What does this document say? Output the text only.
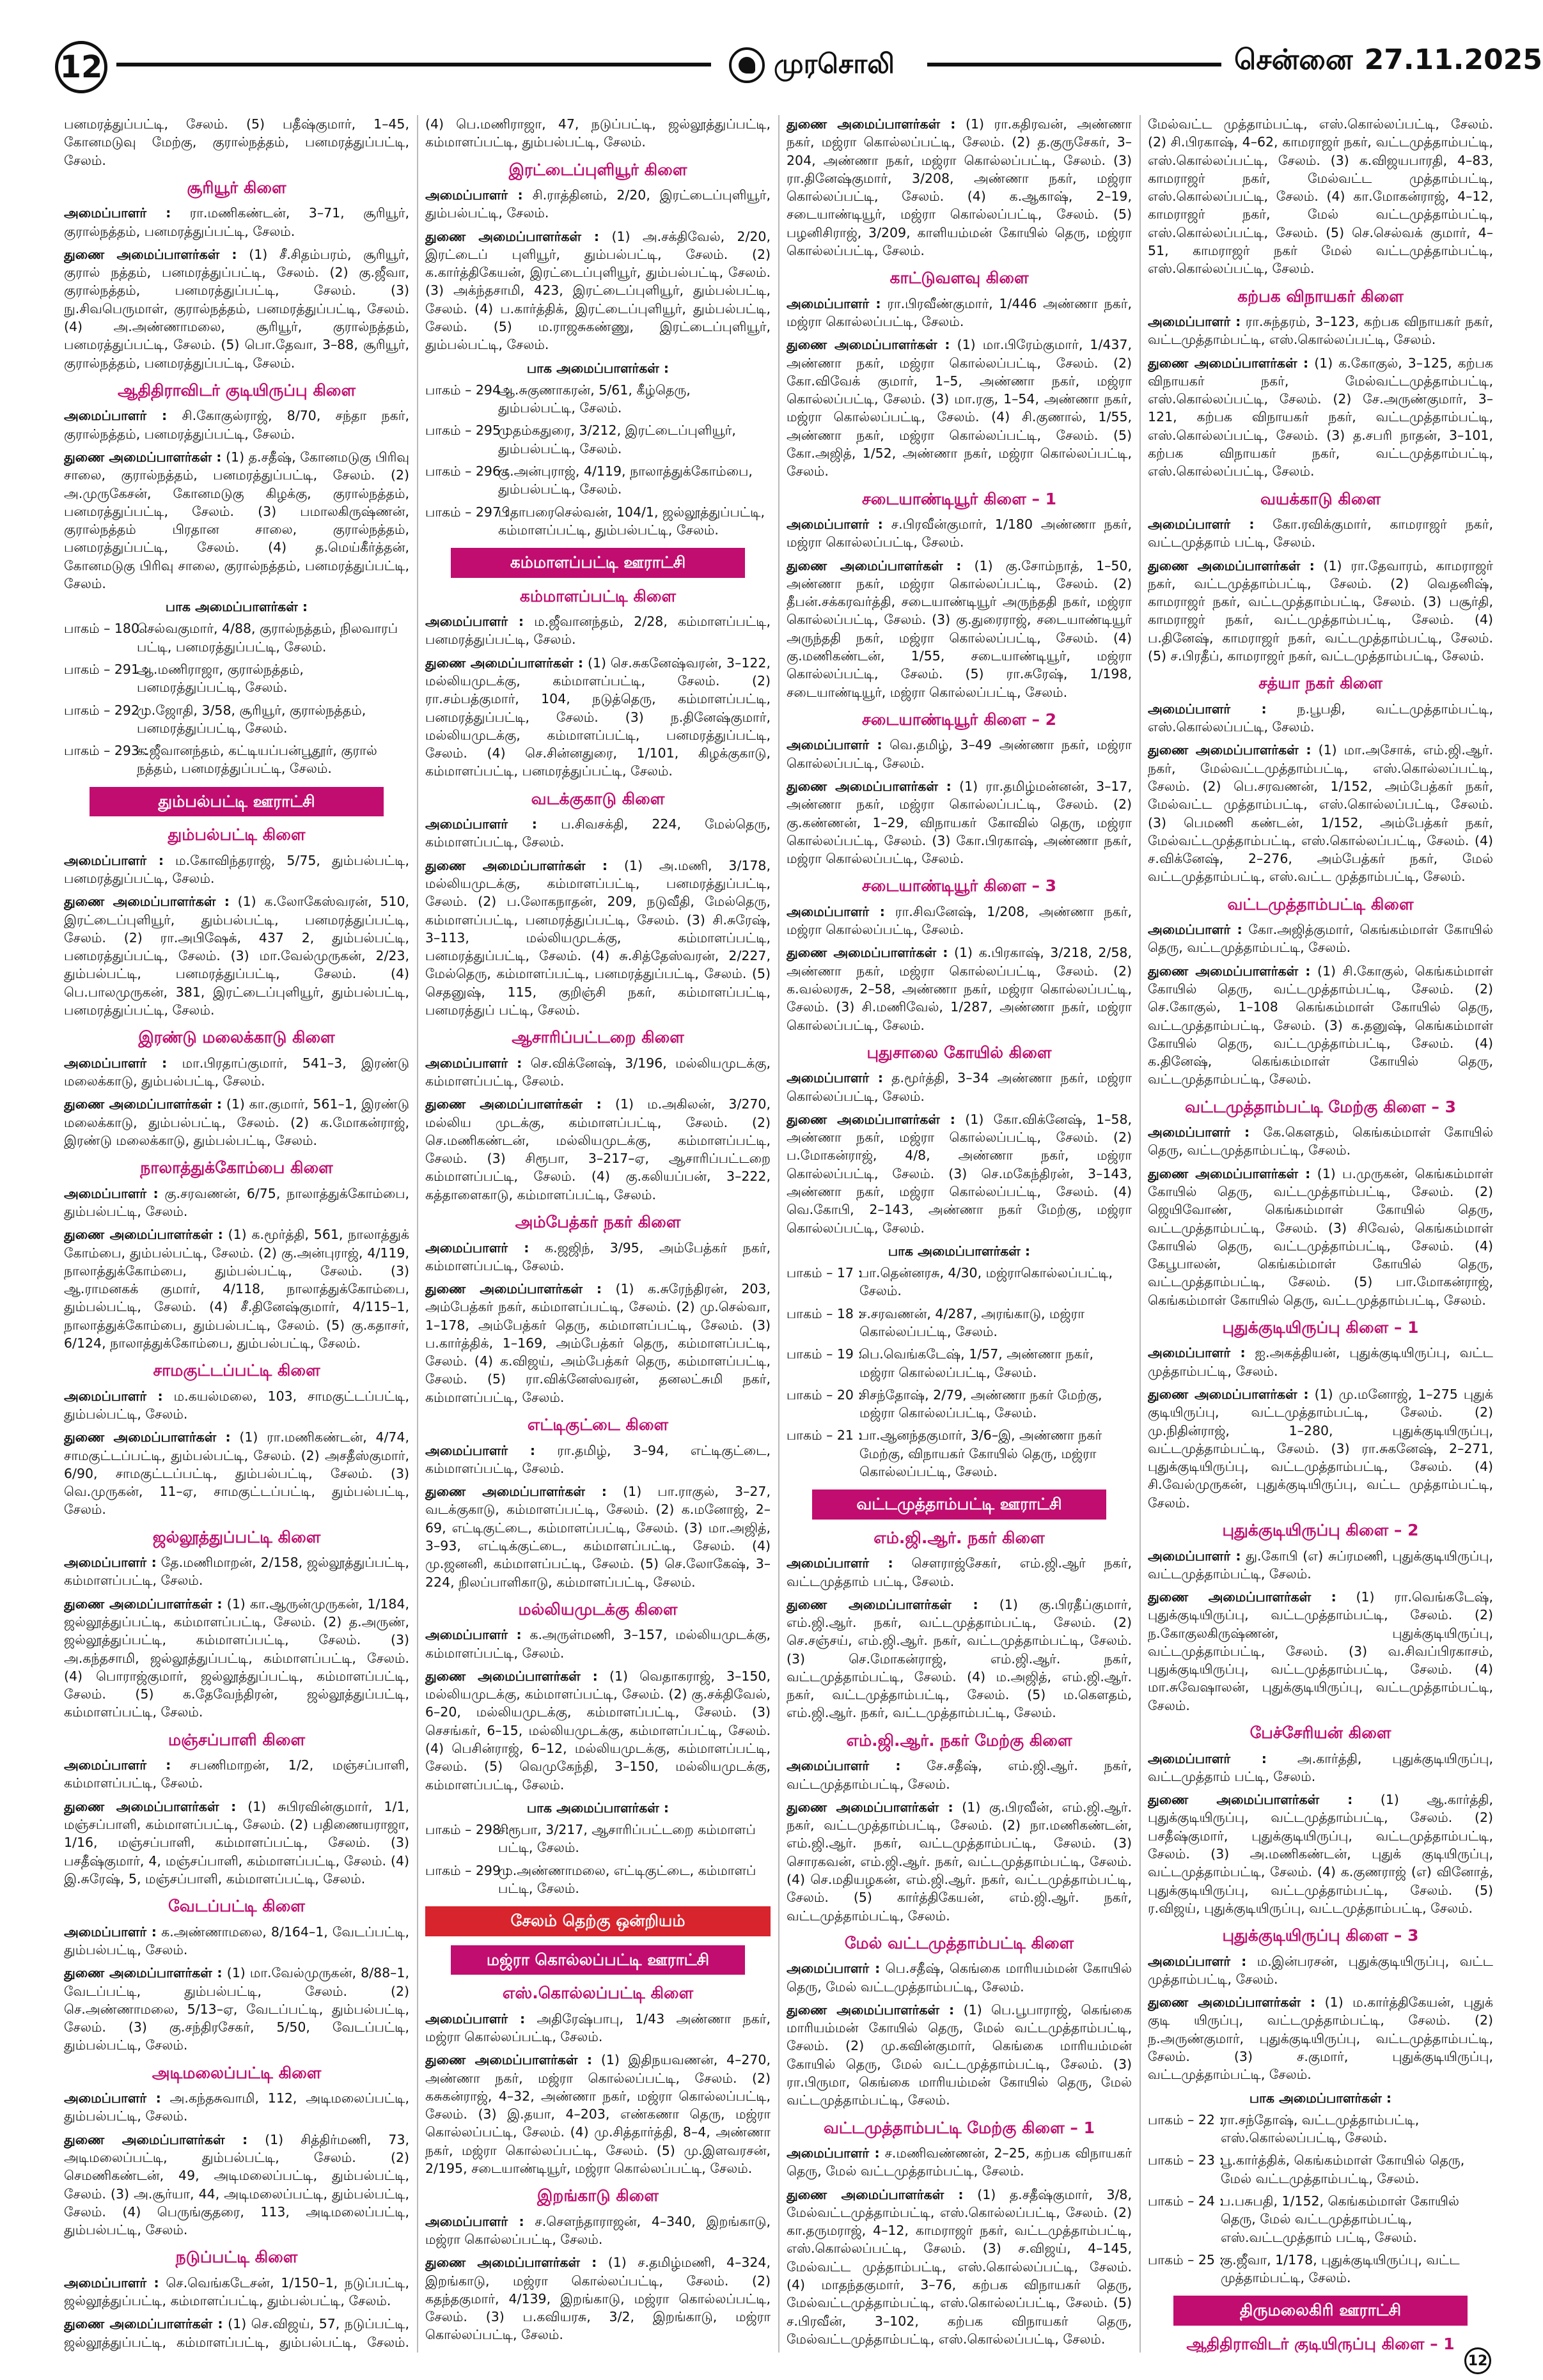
12	முரசொலி	சென்னை 27.11.2025

பனமரத்துப்பட்டி, சேலம். (5) பதீஷ்குமார், 1–45, கோனமடுவு மேற்கு, குரால்நத்தம், பனமரத்துப்பட்டி, சேலம்.

சூரியூர் கிளை

அமைப்பாளர் : ரா.மணிகண்டன், 3–71, சூரியூர், குரால்நத்தம், பனமரத்துப்பட்டி, சேலம்.

துணை அமைப்பாளர்கள் : (1) சீ.சிதம்பரம், சூரியூர், குரால் நத்தம், பனமரத்துப்பட்டி, சேலம். (2) கு.ஜீவா, குரால்நத்தம், பனமரத்துப்பட்டி, சேலம். (3) நு.சிவபெருமாள், குரால்நத்தம், பனமரத்துப்பட்டி, சேலம். (4) அ.அண்ணாமலை, சூரியூர், குரால்நத்தம், பனமரத்துப்பட்டி, சேலம். (5) பொ.தேவா, 3–88, சூரியூர், குரால்நத்தம், பனமரத்துப்பட்டி, சேலம்.

ஆதிதிராவிடர் குடியிருப்பு கிளை

அமைப்பாளர் : சி.கோகுல்ராஜ், 8/70, சந்தா நகர், குரால்நத்தம், பனமரத்துப்பட்டி, சேலம்.

துணை அமைப்பாளர்கள் : (1) த.சதீஷ், கோனமடுகு பிரிவு சாலை, குரால்நத்தம், பனமரத்துப்பட்டி, சேலம். (2) அ.முருகேசன், கோனமடுகு கிழக்கு, குரால்நத்தம், பனமரத்துப்பட்டி, சேலம். (3) பமாலகிருஷ்ணன், குரால்நத்தம் பிரதான சாலை, குரால்நத்தம், பனமரத்துப்பட்டி, சேலம். (4) த.மெய்கீர்த்தன், கோனமடுகு பிரிவு சாலை, குரால்நத்தம், பனமரத்துப்பட்டி, சேலம்.

பாக அமைப்பாளர்கள் :
பாகம் – 180 :
செல்வகுமார், 4/88, குரால்நத்தம், நிலவாரப் பட்டி, பனமரத்துப்பட்டி, சேலம்.
பாகம் – 291 :
ஆ.மணிராஜா, குரால்நத்தம், பனமரத்துப்பட்டி, சேலம்.
பாகம் – 292 :
மு.ஜோதி, 3/58, சூரியூர், குரால்நத்தம், பனமரத்துப்பட்டி, சேலம்.
பாகம் – 293 :
க.ஜீவானந்தம், கட்டியப்பன்பூதூர், குரால் நத்தம், பனமரத்துப்பட்டி, சேலம்.
தும்பல்பட்டி ஊராட்சி
தும்பல்பட்டி கிளை

அமைப்பாளர் : ம.கோவிந்தராஜ், 5/75, தும்பல்பட்டி, பனமரத்துப்பட்டி, சேலம்.

துணை அமைப்பாளர்கள் : (1) க.லோகேஸ்வரன், 510, இரட்டைப்புளியூர், தும்பல்பட்டி, பனமரத்துப்பட்டி, சேலம். (2) ரா.அபிஷேக், 437 2, தும்பல்பட்டி, பனமரத்துப்பட்டி, சேலம். (3) மா.வேல்முருகன், 2/23, தும்பல்பட்டி, பனமரத்துப்பட்டி, சேலம். (4) பெ.பாலமுருகன், 381, இரட்டைப்புளியூர், தும்பல்பட்டி, பனமரத்துப்பட்டி, சேலம்.

இரண்டு மலைக்காடு கிளை

அமைப்பாளர் : மா.பிரதாப்குமார், 541–3, இரண்டு மலைக்காடு, தும்பல்பட்டி, சேலம்.

துணை அமைப்பாளர்கள் : (1) கா.குமார், 561–1, இரண்டு மலைக்காடு, தும்பல்பட்டி, சேலம். (2) க.மோகன்ராஜ், இரண்டு மலைக்காடு, தும்பல்பட்டி, சேலம்.

நாலாத்துக்கோம்பை கிளை

அமைப்பாளர் : கு.சரவணன், 6/75, நாலாத்துக்கோம்பை, தும்பல்பட்டி, சேலம்.

துணை அமைப்பாளர்கள் : (1) க.மூர்த்தி, 561, நாலாத்துக் கோம்பை, தும்பல்பட்டி, சேலம். (2) கு.அன்புராஜ், 4/119, நாலாத்துக்கோம்பை, தும்பல்பட்டி, சேலம். (3) ஆ.ராமனகக் குமார், 4/118, நாலாத்துக்கோம்பை, தும்பல்பட்டி, சேலம். (4) சீ.தினேஷ்குமார், 4/115–1, நாலாத்துக்கோம்பை, தும்பல்பட்டி, சேலம். (5) கு.கதாசர், 6/124, நாலாத்துக்கோம்பை, தும்பல்பட்டி, சேலம்.

சாமகுட்டப்பட்டி கிளை

அமைப்பாளர் : ம.கயல்மலை, 103, சாமகுட்டப்பட்டி, தும்பல்பட்டி, சேலம்.

துணை அமைப்பாளர்கள் : (1) ரா.மணிகண்டன், 4/74, சாமகுட்டப்பட்டி, தும்பல்பட்டி, சேலம். (2) அசதீஸ்குமார், 6/90, சாமகுட்டப்பட்டி, தும்பல்பட்டி, சேலம். (3) வெ.முருகன், 11–ஏ, சாமகுட்டப்பட்டி, தும்பல்பட்டி, சேலம்.

ஜல்லூத்துப்பட்டி கிளை

அமைப்பாளர் : தே.மணிமாறன், 2/158, ஜல்லூத்துப்பட்டி, கம்மாளப்பட்டி, சேலம்.

துணை அமைப்பாளர்கள் : (1) கா.ஆருன்முருகன், 1/184, ஜல்லூத்துப்பட்டி, கம்மாளப்பட்டி, சேலம். (2) த.அருண், ஜல்லூத்துப்பட்டி, கம்மாளப்பட்டி, சேலம். (3) அ.கந்தசாமி, ஜல்லூத்துப்பட்டி, கம்மாளப்பட்டி, சேலம். (4) பொராஜ்குமார், ஜல்லூத்துப்பட்டி, கம்மாளப்பட்டி, சேலம். (5) க.தேவேந்திரன், ஜல்லூத்துப்பட்டி, கம்மாளப்பட்டி, சேலம்.

மஞ்சப்பாளி கிளை

அமைப்பாளர் : சபணிமாறன், 1/2, மஞ்சப்பாளி, கம்மாளப்பட்டி, சேலம்.

துணை அமைப்பாளர்கள் : (1) சுபிரவின்குமார், 1/1, மஞ்சப்பாளி, கம்மாளப்பட்டி, சேலம். (2) பதிணையராஜா, 1/16, மஞ்சப்பாளி, கம்மாளப்பட்டி, சேலம். (3) பசதீஷ்குமார், 4, மஞ்சப்பாளி, கம்மாளப்பட்டி, சேலம். (4) இ.சுரேஷ், 5, மஞ்சப்பாளி, கம்மாளப்பட்டி, சேலம்.

வேடப்பட்டி கிளை

அமைப்பாளர் : க.அண்ணாமலை, 8/164–1, வேடப்பட்டி, தும்பல்பட்டி, சேலம்.

துணை அமைப்பாளர்கள் : (1) மா.வேல்முருகன், 8/88–1, வேடப்பட்டி, தும்பல்பட்டி, சேலம். (2) செ.அண்ணாமலை, 5/13–ஏ, வேடப்பட்டி, தும்பல்பட்டி, சேலம். (3) கு.சந்திரசேகர், 5/50, வேடப்பட்டி, தும்பல்பட்டி, சேலம்.

அடிமலைப்பட்டி கிளை

அமைப்பாளர் : அ.கந்தசுவாமி, 112, அடிமலைப்பட்டி, தும்பல்பட்டி, சேலம்.

துணை அமைப்பாளர்கள் : (1) சித்திர்மணி, 73, அடிமலைப்பட்டி, தும்பல்பட்டி, சேலம். (2) செமணிகண்டன், 49, அடிமலைப்பட்டி, தும்பல்பட்டி, சேலம். (3) அ.சூர்யா, 44, அடிமலைப்பட்டி, தும்பல்பட்டி, சேலம். (4) பெருங்குதரை, 113, அடிமலைப்பட்டி, தும்பல்பட்டி, சேலம்.

நடுப்பட்டி கிளை

அமைப்பாளர் : செ.வெங்கடேசன், 1/150–1, நடுப்பட்டி, ஜல்லூத்துப்பட்டி, கம்மாளப்பட்டி, தும்பல்பட்டி, சேலம்.

துணை அமைப்பாளர்கள் : (1) செ.விஜய், 57, நடுப்பட்டி, ஜல்லூத்துப்பட்டி, கம்மாளப்பட்டி, தும்பல்பட்டி, சேலம்.

(4) பெ.மணிராஜா, 47, நடுப்பட்டி, ஜல்லூத்துப்பட்டி, கம்மாளப்பட்டி, தும்பல்பட்டி, சேலம்.

இரட்டைப்புளியூர் கிளை

அமைப்பாளர் : சி.ராத்தினம், 2/20, இரட்டைப்புளியூர், தும்பல்பட்டி, சேலம்.

துணை அமைப்பாளர்கள் : (1) அ.சக்திவேல், 2/20, இரட்டைப் புளியூர், தும்பல்பட்டி, சேலம். (2) க.கார்த்திகேயன், இரட்டைப்புளியூர், தும்பல்பட்டி, சேலம். (3) அக்ந்தசாமி, 423, இரட்டைப்புளியூர், தும்பல்பட்டி, சேலம். (4) ப.கார்த்திக், இரட்டைப்புளியூர், தும்பல்பட்டி, சேலம். (5) ம.ராஜசுகண்ணு, இரட்டைப்புளியூர், தும்பல்பட்டி, சேலம்.

பாக அமைப்பாளர்கள் :
பாகம் – 294 :
ஆ.சுகுணாகரன், 5/61, கீழ்தெரு, தும்பல்பட்டி, சேலம்.
பாகம் – 295 :
முதம்கதுரை, 3/212, இரட்டைப்புளியூர், தும்பல்பட்டி, சேலம்.
பாகம் – 296 :
கு.அன்புராஜ், 4/119, நாலாத்துக்கோம்பை, தும்பல்பட்டி, சேலம்.
பாகம் – 297 :
பிதாபரைசெல்வன், 104/1, ஜல்லூத்துப்பட்டி, கம்மாளப்பட்டி, தும்பல்பட்டி, சேலம்.
கம்மாளப்பட்டி ஊராட்சி
கம்மாளப்பட்டி கிளை

அமைப்பாளர் : ம.ஜீவானந்தம், 2/28, கம்மாளப்பட்டி, பனமரத்துப்பட்டி, சேலம்.

துணை அமைப்பாளர்கள் : (1) செ.சுகனேஷ்வரன், 3–122, மல்லியமுடக்கு, கம்மாளப்பட்டி, சேலம். (2) ரா.சம்பத்குமார், 104, நடுத்தெரு, கம்மாளப்பட்டி, பனமரத்துப்பட்டி, சேலம். (3) ந.தினேஷ்குமார், மல்லியமுடக்கு, கம்மாளப்பட்டி, பனமரத்துப்பட்டி, சேலம். (4) செ.சின்னதுரை, 1/101, கிழக்குகாடு, கம்மாளப்பட்டி, பனமரத்துப்பட்டி, சேலம்.

வடக்குகாடு கிளை

அமைப்பாளர் : ப.சிவசக்தி, 224, மேல்தெரு, கம்மாளப்பட்டி, சேலம்.

துணை அமைப்பாளர்கள் : (1) அ.மணி, 3/178, மல்லியமுடக்கு, கம்மாளப்பட்டி, பனமரத்துப்பட்டி, சேலம். (2) ப.லோகநாதன், 209, நடுவீதி, மேல்தெரு, கம்மாளப்பட்டி, பனமரத்துப்பட்டி, சேலம். (3) சி.சுரேஷ், 3–113, மல்லியமுடக்கு, கம்மாளப்பட்டி, பனமரத்துப்பட்டி, சேலம். (4) சு.சித்தேஸ்வரன், 2/227, மேல்தெரு, கம்மாளப்பட்டி, பனமரத்துப்பட்டி, சேலம். (5) செதனுஷ், 115, குறிஞ்சி நகர், கம்மாளப்பட்டி, பனமரத்துப் பட்டி, சேலம்.

ஆசாரிப்பட்டறை கிளை

அமைப்பாளர் : செ.விக்னேஷ், 3/196, மல்லியமுடக்கு, கம்மாளப்பட்டி, சேலம்.

துணை அமைப்பாளர்கள் : (1) ம.அகிலன், 3/270, மல்லிய முடக்கு, கம்மாளப்பட்டி, சேலம். (2) செ.மணிகண்டன், மல்லியமுடக்கு, கம்மாளப்பட்டி, சேலம். (3) சிரூபா, 3–217–ஏ, ஆசாரிப்பட்டறை கம்மாளப்பட்டி, சேலம். (4) கு.கலியப்பன், 3–222, கத்தாளைகாடு, கம்மாளப்பட்டி, சேலம்.

அம்பேத்கர் நகர் கிளை

அமைப்பாளர் : க.ஜஜிந், 3/95, அம்பேத்கர் நகர், கம்மாளப்பட்டி, சேலம்.

துணை அமைப்பாளர்கள் : (1) க.சுரேந்திரன், 203, அம்பேத்கர் நகர், கம்மாளப்பட்டி, சேலம். (2) மு.செல்வா, 1–178, அம்பேத்கர் தெரு, கம்மாளப்பட்டி, சேலம். (3) ப.கார்த்திக், 1–169, அம்பேத்கர் தெரு, கம்மாளப்பட்டி, சேலம். (4) க.விஜய், அம்பேத்கர் தெரு, கம்மாளப்பட்டி, சேலம். (5) ரா.விக்னேஸ்வரன், தனலட்சுமி நகர், கம்மாளப்பட்டி, சேலம்.

எட்டிகுட்டை கிளை

அமைப்பாளர் : ரா.தமிழ், 3–94, எட்டிகுட்டை, கம்மாளப்பட்டி, சேலம்.

துணை அமைப்பாளர்கள் : (1) பா.ராகுல், 3–27, வடக்குகாடு, கம்மாளப்பட்டி, சேலம். (2) க.மனோஜ், 2–69, எட்டிகுட்டை, கம்மாளப்பட்டி, சேலம். (3) மா.அஜித், 3–93, எட்டிக்குட்டை, கம்மாளப்பட்டி, சேலம். (4) மு.ஜனனி, கம்மாளப்பட்டி, சேலம். (5) செ.லோகேஷ், 3–224, நிலப்பாளிகாடு, கம்மாளப்பட்டி, சேலம்.

மல்லியமுடக்கு கிளை

அமைப்பாளர் : க.அருள்மணி, 3–157, மல்லியமுடக்கு, கம்மாளப்பட்டி, சேலம்.

துணை அமைப்பாளர்கள் : (1) வெதாகராஜ், 3–150, மல்லியமுடக்கு, கம்மாளப்பட்டி, சேலம். (2) கு.சக்திவேல், 6–20, மல்லியமுடக்கு, கம்மாளப்பட்டி, சேலம். (3) செசங்கர், 6–15, மல்லியமுடக்கு, கம்மாளப்பட்டி, சேலம். (4) பெசின்ராஜ், 6–12, மல்லியமுடக்கு, கம்மாளப்பட்டி, சேலம். (5) வெமுகேந்தி, 3–150, மல்லியமுடக்கு, கம்மாளப்பட்டி, சேலம்.

பாக அமைப்பாளர்கள் :
பாகம் – 298 :
சிரூபா, 3/217, ஆசாரிப்பட்டறை கம்மாளப் பட்டி, சேலம்.
பாகம் – 299 :
மு.அண்ணாமலை, எட்டிகுட்டை, கம்மாளப் பட்டி, சேலம்.
சேலம் தெற்கு ஒன்றியம்
மஜ்ரா கொல்லப்பட்டி ஊராட்சி
எஸ்.கொல்லப்பட்டி கிளை

அமைப்பாளர் : அதிரேஷ்பாபு, 1/43 அண்ணா நகர், மஜ்ரா கொல்லப்பட்டி, சேலம்.

துணை அமைப்பாளர்கள் : (1) இதிநயவணன், 4–270, அண்ணா நகர், மஜ்ரா கொல்லப்பட்டி, சேலம். (2) கசுகன்ராஜ், 4–32, அண்ணா நகர், மஜ்ரா கொல்லப்பட்டி, சேலம். (3) இ.தயா, 4–203, எண்கணா தெரு, மஜ்ரா கொல்லப்பட்டி, சேலம். (4) மு.சித்தார்த்தி, 8–4, அண்ணா நகர், மஜ்ரா கொல்லப்பட்டி, சேலம். (5) மு.இளவரசன், 2/195, சடையாண்டியூர், மஜ்ரா கொல்லப்பட்டி, சேலம்.

இறங்காடு கிளை

அமைப்பாளர் : ச.சௌந்தாராஜன், 4–340, இறங்காடு, மஜ்ரா கொல்லப்பட்டி, சேலம்.

துணை அமைப்பாளர்கள் : (1) ச.தமிழ்மணி, 4–324, இறங்காடு, மஜ்ரா கொல்லப்பட்டி, சேலம். (2) கதந்தகுமார், 4/139, இறங்காடு, மஜ்ரா கொல்லப்பட்டி, சேலம். (3) ப.கவியரசு, 3/2, இறங்காடு, மஜ்ரா கொல்லப்பட்டி, சேலம்.

துணை அமைப்பாளர்கள் : (1) ரா.கதிரவன், அண்ணா நகர், மஜ்ரா கொல்லப்பட்டி, சேலம். (2) த.குருசேகர், 3–204, அண்ணா நகர், மஜ்ரா கொல்லப்பட்டி, சேலம். (3) ரா.தினேஷ்குமார், 3/208, அண்ணா நகர், மஜ்ரா கொல்லப்பட்டி, சேலம். (4) க.ஆகாஷ், 2–19, சடையாண்டியூர், மஜ்ரா கொல்லப்பட்டி, சேலம். (5) பழனிசிராஜ், 3/209, காளியம்மன் கோயில் தெரு, மஜ்ரா கொல்லப்பட்டி, சேலம்.

காட்டுவளவு கிளை

அமைப்பாளர் : ரா.பிரவீண்குமார், 1/446 அண்ணா நகர், மஜ்ரா கொல்லப்பட்டி, சேலம்.

துணை அமைப்பாளர்கள் : (1) மா.பிரேம்குமார், 1/437, அண்ணா நகர், மஜ்ரா கொல்லப்பட்டி, சேலம். (2) கோ.விவேக் குமார், 1–5, அண்ணா நகர், மஜ்ரா கொல்லப்பட்டி, சேலம். (3) மா.ரகு, 1–54, அண்ணா நகர், மஜ்ரா கொல்லப்பட்டி, சேலம். (4) சி.குணால், 1/55, அண்ணா நகர், மஜ்ரா கொல்லப்பட்டி, சேலம். (5) கோ.அஜித், 1/52, அண்ணா நகர், மஜ்ரா கொல்லப்பட்டி, சேலம்.

சடையாண்டியூர் கிளை – 1

அமைப்பாளர் : ச.பிரவீன்குமார், 1/180 அண்ணா நகர், மஜ்ரா கொல்லப்பட்டி, சேலம்.

துணை அமைப்பாளர்கள் : (1) கு.சோம்நாத், 1–50, அண்ணா நகர், மஜ்ரா கொல்லப்பட்டி, சேலம். (2) தீபன்.சக்கரவர்த்தி, சடையாண்டியூர் அருந்ததி நகர், மஜ்ரா கொல்லப்பட்டி, சேலம். (3) கு.துரைராஜ், சடையாண்டியூர் அருந்ததி நகர், மஜ்ரா கொல்லப்பட்டி, சேலம். (4) கு.மணிகண்டன், 1/55, சடையாண்டியூர், மஜ்ரா கொல்லப்பட்டி, சேலம். (5) ரா.சுரேஷ், 1/198, சடையாண்டியூர், மஜ்ரா கொல்லப்பட்டி, சேலம்.

சடையாண்டியூர் கிளை – 2

அமைப்பாளர் : வெ.தமிழ், 3–49 அண்ணா நகர், மஜ்ரா கொல்லப்பட்டி, சேலம்.

துணை அமைப்பாளர்கள் : (1) ரா.தமிழ்மன்னன், 3–17, அண்ணா நகர், மஜ்ரா கொல்லப்பட்டி, சேலம். (2) கு.கண்ணன், 1–29, விநாயகர் கோவில் தெரு, மஜ்ரா கொல்லப்பட்டி, சேலம். (3) கோ.பிரகாஷ், அண்ணா நகர், மஜ்ரா கொல்லப்பட்டி, சேலம்.

சடையாண்டியூர் கிளை – 3

அமைப்பாளர் : ரா.சிவனேஷ், 1/208, அண்ணா நகர், மஜ்ரா கொல்லப்பட்டி, சேலம்.

துணை அமைப்பாளர்கள் : (1) க.பிரகாஷ், 3/218, 2/58, அண்ணா நகர், மஜ்ரா கொல்லப்பட்டி, சேலம். (2) க.வல்லரசு, 2–58, அண்ணா நகர், மஜ்ரா கொல்லப்பட்டி, சேலம். (3) சி.மணிவேல், 1/287, அண்ணா நகர், மஜ்ரா கொல்லப்பட்டி, சேலம்.

புதுசாலை கோயில் கிளை

அமைப்பாளர் : த.மூர்த்தி, 3–34 அண்ணா நகர், மஜ்ரா கொல்லப்பட்டி, சேலம்.

துணை அமைப்பாளர்கள் : (1) கோ.விக்னேஷ், 1–58, அண்ணா நகர், மஜ்ரா கொல்லப்பட்டி, சேலம். (2) ப.மோகன்ராஜ், 4/8, அண்ணா நகர், மஜ்ரா கொல்லப்பட்டி, சேலம். (3) செ.மகேந்திரன், 3–143, அண்ணா நகர், மஜ்ரா கொல்லப்பட்டி, சேலம். (4) வெ.கோபி, 2–143, அண்ணா நகர் மேற்கு, மஜ்ரா கொல்லப்பட்டி, சேலம்.

பாக அமைப்பாளர்கள் :
பாகம் – 17 :
பா.தென்னரசு, 4/30, மஜ்ராகொல்லப்பட்டி, சேலம்.
பாகம் – 18 :
ச.சரவணன், 4/287, அரங்காடு, மஜ்ரா கொல்லப்பட்டி, சேலம்.
பாகம் – 19 :
பெ.வெங்கடேஷ், 1/57, அண்ணா நகர், மஜ்ரா கொல்லப்பட்டி, சேலம்.
பாகம் – 20 :
சிசந்தோஷ், 2/79, அண்ணா நகர் மேற்கு, மஜ்ரா கொல்லப்பட்டி, சேலம்.
பாகம் – 21 :
பா.ஆனந்தகுமார், 3/6–இ, அண்ணா நகர் மேற்கு, விநாயகர் கோயில் தெரு, மஜ்ரா கொல்லப்பட்டி, சேலம்.
வட்டமுத்தாம்பட்டி ஊராட்சி
எம்.ஜி.ஆர். நகர் கிளை

அமைப்பாளர் : சௌராஜ்சேகர், எம்.ஜி.ஆர் நகர், வட்டமுத்தாம் பட்டி, சேலம்.

துணை அமைப்பாளர்கள் : (1) கு.பிரதீப்குமார், எம்.ஜி.ஆர். நகர், வட்டமுத்தாம்பட்டி, சேலம். (2) செ.சஞ்சய், எம்.ஜி.ஆர். நகர், வட்டமுத்தாம்பட்டி, சேலம். (3) செ.மோகன்ராஜ், எம்.ஜி.ஆர். நகர், வட்டமுத்தாம்பட்டி, சேலம். (4) ம.அஜித், எம்.ஜி.ஆர். நகர், வட்டமுத்தாம்பட்டி, சேலம். (5) ம.கௌதம், எம்.ஜி.ஆர். நகர், வட்டமுத்தாம்பட்டி, சேலம்.

எம்.ஜி.ஆர். நகர் மேற்கு கிளை

அமைப்பாளர் : சே.சதீஷ், எம்.ஜி.ஆர். நகர், வட்டமுத்தாம்பட்டி, சேலம்.

துணை அமைப்பாளர்கள் : (1) கு.பிரவீன், எம்.ஜி.ஆர். நகர், வட்டமுத்தாம்பட்டி, சேலம். (2) நா.மணிகண்டன், எம்.ஜி.ஆர். நகர், வட்டமுத்தாம்பட்டி, சேலம். (3) சொரகவன், எம்.ஜி.ஆர். நகர், வட்டமுத்தாம்பட்டி, சேலம். (4) செ.மதியழகன், எம்.ஜி.ஆர். நகர், வட்டமுத்தாம்பட்டி, சேலம். (5) கார்த்திகேயன், எம்.ஜி.ஆர். நகர், வட்டமுத்தாம்பட்டி, சேலம்.

மேல் வட்டமுத்தாம்பட்டி கிளை

அமைப்பாளர் : பெ.சதீஷ், கெங்கை மாரியம்மன் கோயில் தெரு, மேல் வட்டமுத்தாம்பட்டி, சேலம்.

துணை அமைப்பாளர்கள் : (1) பெ.பூபாராஜ், கெங்கை மாரியம்மன் கோயில் தெரு, மேல் வட்டமுத்தாம்பட்டி, சேலம். (2) மு.கவின்குமார், கெங்கை மாரியம்மன் கோயில் தெரு, மேல் வட்டமுத்தாம்பட்டி, சேலம். (3) ரா.பிருமா, கெங்கை மாரியம்மன் கோயில் தெரு, மேல் வட்டமுத்தாம்பட்டி, சேலம்.

வட்டமுத்தாம்பட்டி மேற்கு கிளை – 1

அமைப்பாளர் : ச.மணிவண்ணன், 2–25, கற்பக விநாயகர் தெரு, மேல் வட்டமுத்தாம்பட்டி, சேலம்.

துணை அமைப்பாளர்கள் : (1) த.சதீஷ்குமார், 3/8, மேல்வட்டமுத்தாம்பட்டி, எஸ்.கொல்லப்பட்டி, சேலம். (2) கா.தருமராஜ், 4–12, காமராஜர் நகர், வட்டமுத்தாம்பட்டி, எஸ்.கொல்லப்பட்டி, சேலம். (3) ச.விஜய், 4–145, மேல்வட்ட முத்தாம்பட்டி, எஸ்.கொல்லப்பட்டி, சேலம். (4) மாதந்தகுமார், 3–76, கற்பக விநாயகர் தெரு, மேல்வட்டமுத்தாம்பட்டி, எஸ்.கொல்லப்பட்டி, சேலம். (5) ச.பிரவீன், 3–102, கற்பக விநாயகர் தெரு, மேல்வட்டமுத்தாம்பட்டி, எஸ்.கொல்லப்பட்டி, சேலம்.

மேல்வட்ட முத்தாம்பட்டி, எஸ்.கொல்லப்பட்டி, சேலம். (2) சி.பிரகாஷ், 4–62, காமராஜர் நகர், வட்டமுத்தாம்பட்டி, எஸ்.கொல்லப்பட்டி, சேலம். (3) க.விஜயபாரதி, 4–83, காமராஜர் நகர், மேல்வட்ட முத்தாம்பட்டி, எஸ்.கொல்லப்பட்டி, சேலம். (4) கா.மோகன்ராஜ், 4–12, காமராஜர் நகர், மேல் வட்டமுத்தாம்பட்டி, எஸ்.கொல்லப்பட்டி, சேலம். (5) செ.செல்வக் குமார், 4–51, காமராஜர் நகர் மேல் வட்டமுத்தாம்பட்டி, எஸ்.கொல்லப்பட்டி, சேலம்.

கற்பக விநாயகர் கிளை

அமைப்பாளர் : ரா.சுந்தரம், 3–123, கற்பக விநாயகர் நகர், வட்டமுத்தாம்பட்டி, எஸ்.கொல்லப்பட்டி, சேலம்.

துணை அமைப்பாளர்கள் : (1) க.கோகுல், 3–125, கற்பக விநாயகர் நகர், மேல்வட்டமுத்தாம்பட்டி, எஸ்.கொல்லப்பட்டி, சேலம். (2) சே.அருண்குமார், 3–121, கற்பக விநாயகர் நகர், வட்டமுத்தாம்பட்டி, எஸ்.கொல்லப்பட்டி, சேலம். (3) த.சபரி நாதன், 3–101, கற்பக விநாயகர் நகர், வட்டமுத்தாம்பட்டி, எஸ்.கொல்லப்பட்டி, சேலம்.

வயக்காடு கிளை

அமைப்பாளர் : கோ.ரவிக்குமார், காமராஜர் நகர், வட்டமுத்தாம் பட்டி, சேலம்.

துணை அமைப்பாளர்கள் : (1) ரா.தேவாரம், காமராஜர் நகர், வட்டமுத்தாம்பட்டி, சேலம். (2) வெதனிஷ், காமராஜர் நகர், வட்டமுத்தாம்பட்டி, சேலம். (3) பசூர்தி, காமராஜர் நகர், வட்டமுத்தாம்பட்டி, சேலம். (4) ப.தினேஷ், காமராஜர் நகர், வட்டமுத்தாம்பட்டி, சேலம். (5) ச.பிரதீப், காமராஜர் நகர், வட்டமுத்தாம்பட்டி, சேலம்.

சத்யா நகர் கிளை

அமைப்பாளர் : ந.பூபதி, வட்டமுத்தாம்பட்டி, எஸ்.கொல்லப்பட்டி, சேலம்.

துணை அமைப்பாளர்கள் : (1) மா.அசோக், எம்.ஜி.ஆர். நகர், மேல்வட்டமுத்தாம்பட்டி, எஸ்.கொல்லப்பட்டி, சேலம். (2) பெ.சரவணன், 1/152, அம்பேத்கர் நகர், மேல்வட்ட முத்தாம்பட்டி, எஸ்.கொல்லப்பட்டி, சேலம். (3) பெமணி கண்டன், 1/152, அம்பேத்கர் நகர், மேல்வட்டமுத்தாம்பட்டி, எஸ்.கொல்லப்பட்டி, சேலம். (4) ச.விக்னேஷ், 2–276, அம்பேத்கர் நகர், மேல் வட்டமுத்தாம்பட்டி, எஸ்.வட்ட முத்தாம்பட்டி, சேலம்.

வட்டமுத்தாம்பட்டி கிளை

அமைப்பாளர் : கோ.அஜித்குமார், கெங்கம்மாள் கோயில் தெரு, வட்டமுத்தாம்பட்டி, சேலம்.

துணை அமைப்பாளர்கள் : (1) சி.கோகுல், கெங்கம்மாள் கோயில் தெரு, வட்டமுத்தாம்பட்டி, சேலம். (2) செ.கோகுல், 1–108 கெங்கம்மாள் கோயில் தெரு, வட்டமுத்தாம்பட்டி, சேலம். (3) க.தனுஷ், கெங்கம்மாள் கோயில் தெரு, வட்டமுத்தாம்பட்டி, சேலம். (4) க.தினேஷ், கெங்கம்மாள் கோயில் தெரு, வட்டமுத்தாம்பட்டி, சேலம்.

வட்டமுத்தாம்பட்டி மேற்கு கிளை – 3

அமைப்பாளர் : கே.கௌதம், கெங்கம்மாள் கோயில் தெரு, வட்டமுத்தாம்பட்டி, சேலம்.

துணை அமைப்பாளர்கள் : (1) ப.முருகன், கெங்கம்மாள் கோயில் தெரு, வட்டமுத்தாம்பட்டி, சேலம். (2) ஜெயிவோண், கெங்கம்மாள் கோயில் தெரு, வட்டமுத்தாம்பட்டி, சேலம். (3) சிவேல், கெங்கம்மாள் கோயில் தெரு, வட்டமுத்தாம்பட்டி, சேலம். (4) கேபூபாலன், கெங்கம்மாள் கோயில் தெரு, வட்டமுத்தாம்பட்டி, சேலம். (5) பா.மோகன்ராஜ், கெங்கம்மாள் கோயில் தெரு, வட்டமுத்தாம்பட்டி, சேலம்.

புதுக்குடியிருப்பு கிளை – 1

அமைப்பாளர் : ஐ.அகத்தியன், புதுக்குடியிருப்பு, வட்ட முத்தாம்பட்டி, சேலம்.

துணை அமைப்பாளர்கள் : (1) மு.மனோஜ், 1–275 புதுக் குடியிருப்பு, வட்டமுத்தாம்பட்டி, சேலம். (2) மு.நிதின்ராஜ், 1–280, புதுக்குடியிருப்பு, வட்டமுத்தாம்பட்டி, சேலம். (3) ரா.சுகனேஷ், 2–271, புதுக்குடியிருப்பு, வட்டமுத்தாம்பட்டி, சேலம். (4) சி.வேல்முருகன், புதுக்குடியிருப்பு, வட்ட முத்தாம்பட்டி, சேலம்.

புதுக்குடியிருப்பு கிளை – 2

அமைப்பாளர் : து.கோபி (எ) சுப்ரமணி, புதுக்குடியிருப்பு, வட்டமுத்தாம்பட்டி, சேலம்.

துணை அமைப்பாளர்கள் : (1) ரா.வெங்கடேஷ், புதுக்குடியிருப்பு, வட்டமுத்தாம்பட்டி, சேலம். (2) ந.கோகுலகிருஷ்ணன், புதுக்குடியிருப்பு, வட்டமுத்தாம்பட்டி, சேலம். (3) வ.சிவப்பிரகாசம், புதுக்குடியிருப்பு, வட்டமுத்தாம்பட்டி, சேலம். (4) மா.சுவேஷாலன், புதுக்குடியிருப்பு, வட்டமுத்தாம்பட்டி, சேலம்.

பேச்சேரியன் கிளை

அமைப்பாளர் : அ.கார்த்தி, புதுக்குடியிருப்பு, வட்டமுத்தாம் பட்டி, சேலம்.

துணை அமைப்பாளர்கள் : (1) ஆ.கார்த்தி, புதுக்குடியிருப்பு, வட்டமுத்தாம்பட்டி, சேலம். (2) பசதீஷ்குமார், புதுக்குடியிருப்பு, வட்டமுத்தாம்பட்டி, சேலம். (3) அ.மணிகண்டன், புதுக் குடியிருப்பு, வட்டமுத்தாம்பட்டி, சேலம். (4) க.குணராஜ் (எ) வினோத், புதுக்குடியிருப்பு, வட்டமுத்தாம்பட்டி, சேலம். (5) ர.விஜய், புதுக்குடியிருப்பு, வட்டமுத்தாம்பட்டி, சேலம்.

புதுக்குடியிருப்பு கிளை – 3

அமைப்பாளர் : ம.இன்பரசன், புதுக்குடியிருப்பு, வட்ட முத்தாம்பட்டி, சேலம்.

துணை அமைப்பாளர்கள் : (1) ம.கார்த்திகேயன், புதுக் குடி யிருப்பு, வட்டமுத்தாம்பட்டி, சேலம். (2) ந.அருண்குமார், புதுக்குடியிருப்பு, வட்டமுத்தாம்பட்டி, சேலம். (3) ச.குமார், புதுக்குடியிருப்பு, வட்டமுத்தாம்பட்டி, சேலம்.

பாக அமைப்பாளர்கள் :
பாகம் – 22 :
ரா.சந்தோஷ், வட்டமுத்தாம்பட்டி, எஸ்.கொல்லப்பட்டி, சேலம்.
பாகம் – 23 :
பூ.கார்த்திக், கெங்கம்மாள் கோயில் தெரு, மேல் வட்டமுத்தாம்பட்டி, சேலம்.
பாகம் – 24 :
ப.பசுபதி, 1/152, கெங்கம்மாள் கோயில் தெரு, மேல் வட்டமுத்தாம்பட்டி, எஸ்.வட்டமுத்தாம் பட்டி, சேலம்.
பாகம் – 25 :
கு.ஜீவா, 1/178, புதுக்குடியிருப்பு, வட்ட முத்தாம்பட்டி, சேலம்.
திருமலைகிரி ஊராட்சி
ஆதிதிராவிடர் குடியிருப்பு கிளை – 1

12
